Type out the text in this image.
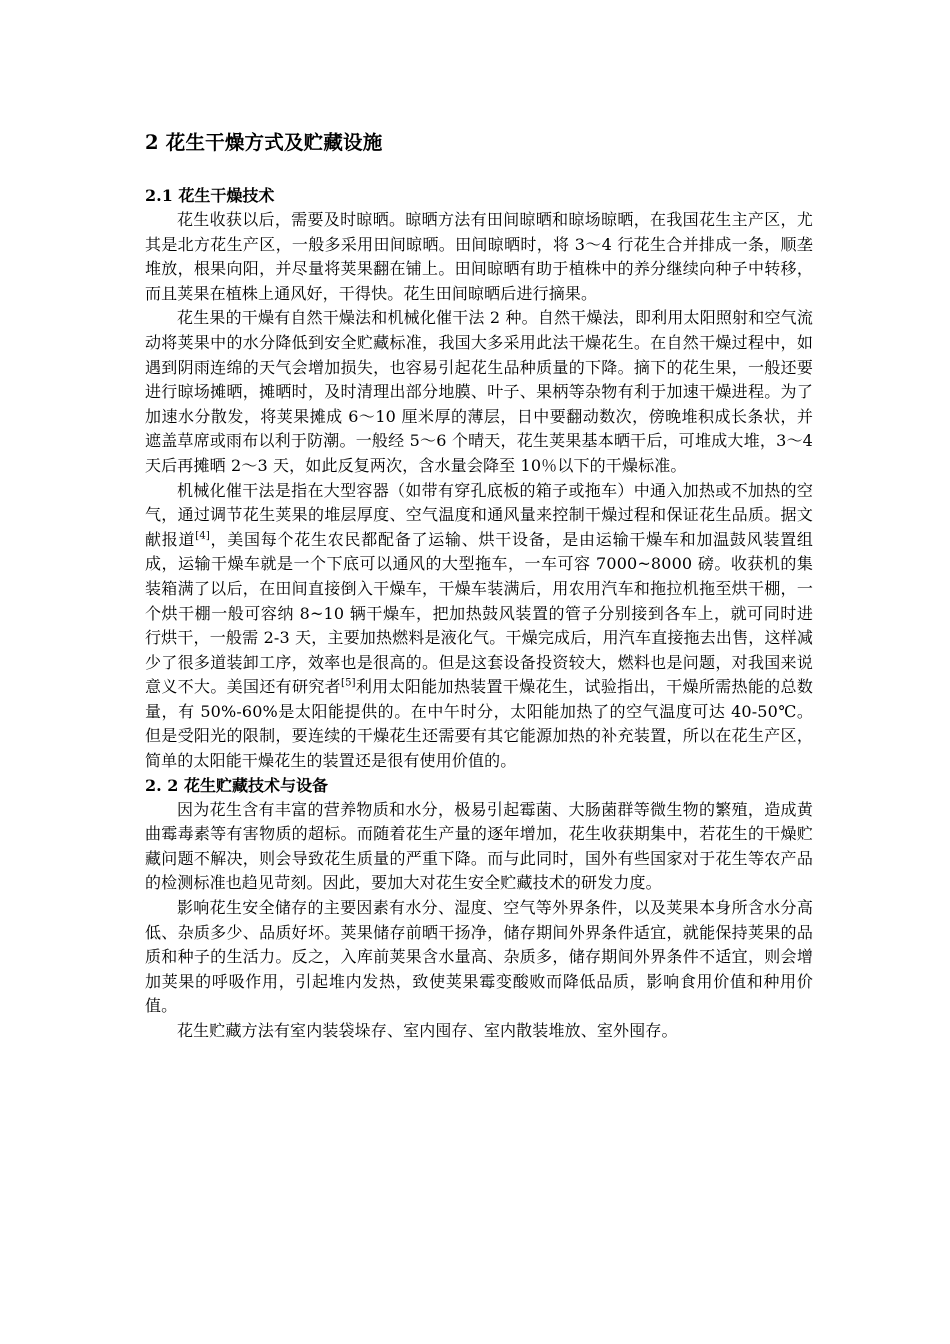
2 花生干燥方式及贮藏设施
2.1 花生干燥技术

花生收获以后，需要及时晾晒。晾晒方法有田间晾晒和晾场晾晒，在我国花生主产区，尤其是北方花生产区，一般多采用田间晾晒。田间晾晒时，将 3～4 行花生合并排成一条，顺垄堆放，根果向阳，并尽量将荚果翻在铺上。田间晾晒有助于植株中的养分继续向种子中转移，而且荚果在植株上通风好，干得快。花生田间晾晒后进行摘果。

花生果的干燥有自然干燥法和机械化催干法 2 种。自然干燥法，即利用太阳照射和空气流动将荚果中的水分降低到安全贮藏标准，我国大多采用此法干燥花生。在自然干燥过程中，如遇到阴雨连绵的天气会增加损失，也容易引起花生品种质量的下降。摘下的花生果，一般还要进行晾场摊晒，摊晒时，及时清理出部分地膜、叶子、果柄等杂物有利于加速干燥进程。为了加速水分散发，将荚果摊成 6～10 厘米厚的薄层，日中要翻动数次，傍晚堆积成长条状，并遮盖草席或雨布以利于防潮。一般经 5～6 个晴天，花生荚果基本晒干后，可堆成大堆，3～4 天后再摊晒 2～3 天，如此反复两次，含水量会降至 10％以下的干燥标准。

机械化催干法是指在大型容器（如带有穿孔底板的箱子或拖车）中通入加热或不加热的空气，通过调节花生荚果的堆层厚度、空气温度和通风量来控制干燥过程和保证花生品质。据文献报道[4]，美国每个花生农民都配备了运输、烘干设备，是由运输干燥车和加温鼓风装置组成，运输干燥车就是一个下底可以通风的大型拖车，一车可容 7000~8000 磅。收获机的集装箱满了以后，在田间直接倒入干燥车，干燥车装满后，用农用汽车和拖拉机拖至烘干棚，一个烘干棚一般可容纳 8~10 辆干燥车，把加热鼓风装置的管子分别接到各车上，就可同时进行烘干，一般需 2-3 天，主要加热燃料是液化气。干燥完成后，用汽车直接拖去出售，这样减少了很多道装卸工序，效率也是很高的。但是这套设备投资较大，燃料也是问题，对我国来说意义不大。美国还有研究者[5]利用太阳能加热装置干燥花生，试验指出，干燥所需热能的总数量，有 50%-60%是太阳能提供的。在中午时分，太阳能加热了的空气温度可达 40-50℃。但是受阳光的限制，要连续的干燥花生还需要有其它能源加热的补充装置，所以在花生产区，简单的太阳能干燥花生的装置还是很有使用价值的。

2. 2 花生贮藏技术与设备

因为花生含有丰富的营养物质和水分，极易引起霉菌、大肠菌群等微生物的繁殖，造成黄曲霉毒素等有害物质的超标。而随着花生产量的逐年增加，花生收获期集中，若花生的干燥贮藏问题不解决，则会导致花生质量的严重下降。而与此同时，国外有些国家对于花生等农产品的检测标准也趋见苛刻。因此，要加大对花生安全贮藏技术的研发力度。

影响花生安全储存的主要因素有水分、湿度、空气等外界条件，以及荚果本身所含水分高低、杂质多少、品质好坏。荚果储存前晒干扬净，储存期间外界条件适宜，就能保持荚果的品质和种子的生活力。反之，入库前荚果含水量高、杂质多，储存期间外界条件不适宜，则会增加荚果的呼吸作用，引起堆内发热，致使荚果霉变酸败而降低品质，影响食用价值和种用价值。

花生贮藏方法有室内装袋垛存、室内囤存、室内散装堆放、室外囤存。
